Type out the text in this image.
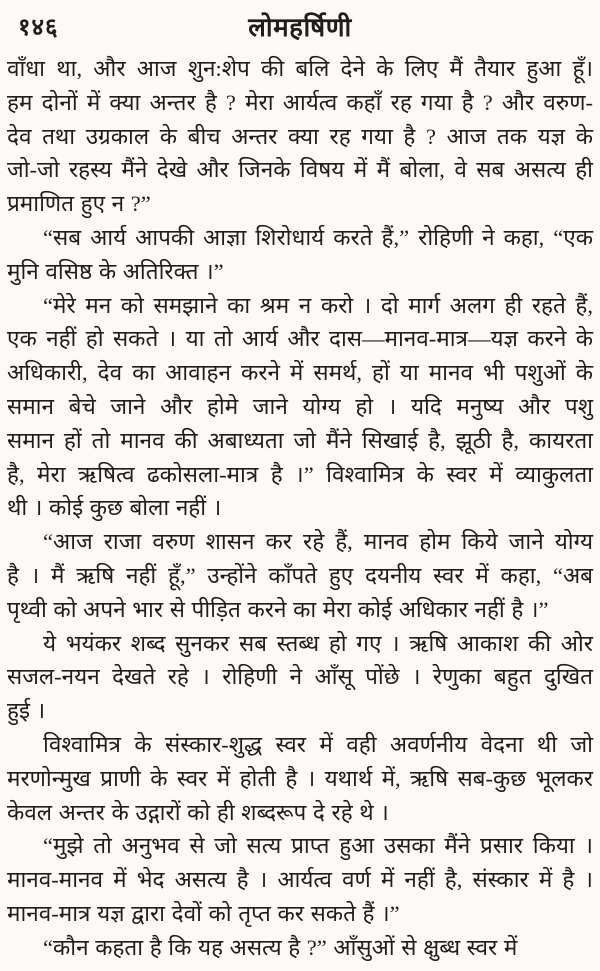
१४६	लोमहर्षिणी
वाँधा था, और आज शुन:शेप की बलि देने के लिए मैं तैयार हुआ हूँ।
हम दोनों में क्या अन्तर है ? मेरा आर्यत्व कहाँ रह गया है ? और वरुण-
देव तथा उग्रकाल के बीच अन्तर क्या रह गया है ? आज तक यज्ञ के
जो-जो रहस्य मैंने देखे और जिनके विषय में मैं बोला, वे सब असत्य ही
प्रमाणित हुए न ?”
“सब आर्य आपकी आज्ञा शिरोधार्य करते हैं,” रोहिणी ने कहा, “एक
मुनि वसिष्ठ के अतिरिक्त ।”
“मेरे मन को समझाने का श्रम न करो । दो मार्ग अलग ही रहते हैं,
एक नहीं हो सकते । या तो आर्य और दास—मानव-मात्र—यज्ञ करने के
अधिकारी, देव का आवाहन करने में समर्थ, हों या मानव भी पशुओं के
समान बेचे जाने और होमे जाने योग्य हो । यदि मनुष्य और पशु
समान हों तो मानव की अबाध्यता जो मैंने सिखाई है, झूठी है, कायरता
है, मेरा ऋषित्व ढकोसला-मात्र है ।” विश्वामित्र के स्वर में व्याकुलता
थी । कोई कुछ बोला नहीं ।
“आज राजा वरुण शासन कर रहे हैं, मानव होम किये जाने योग्य
है । मैं ऋषि नहीं हूँ,” उन्होंने काँपते हुए दयनीय स्वर में कहा, “अब
पृथ्वी को अपने भार से पीड़ित करने का मेरा कोई अधिकार नहीं है ।”
ये भयंकर शब्द सुनकर सब स्तब्ध हो गए । ऋषि आकाश की ओर
सजल-नयन देखते रहे । रोहिणी ने आँसू पोंछे । रेणुका बहुत दुखित
हुई ।
विश्वामित्र के संस्कार-शुद्ध स्वर में वही अवर्णनीय वेदना थी जो
मरणोन्मुख प्राणी के स्वर में होती है । यथार्थ में, ऋषि सब-कुछ भूलकर
केवल अन्तर के उद्गारों को ही शब्दरूप दे रहे थे ।
“मुझे तो अनुभव से जो सत्य प्राप्त हुआ उसका मैंने प्रसार किया ।
मानव-मानव में भेद असत्य है । आर्यत्व वर्ण में नहीं है, संस्कार में है ।
मानव-मात्र यज्ञ द्वारा देवों को तृप्त कर सकते हैं ।”
“कौन कहता है कि यह असत्य है ?” आँसुओं से क्षुब्ध स्वर में
